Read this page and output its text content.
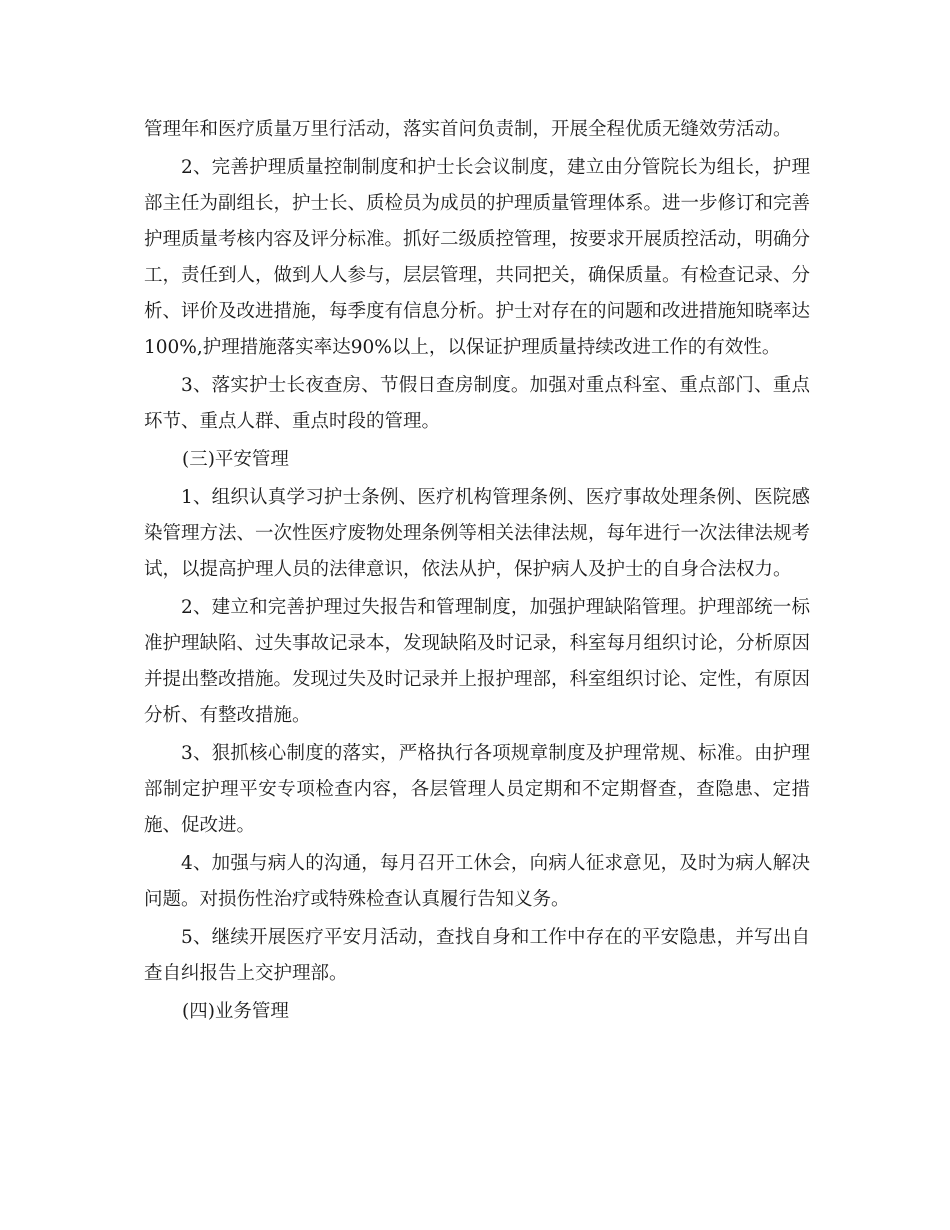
管理年和医疗质量万里行活动，落实首问负责制，开展全程优质无缝效劳活动。

2、完善护理质量控制制度和护士长会议制度，建立由分管院长为组长，护理部主任为副组长，护士长、质检员为成员的护理质量管理体系。进一步修订和完善护理质量考核内容及评分标准。抓好二级质控管理，按要求开展质控活动，明确分工，责任到人，做到人人参与，层层管理，共同把关，确保质量。有检查记录、分析、评价及改进措施，每季度有信息分析。护士对存在的问题和改进措施知晓率达100%,护理措施落实率达90%以上，以保证护理质量持续改进工作的有效性。

3、落实护士长夜查房、节假日查房制度。加强对重点科室、重点部门、重点环节、重点人群、重点时段的管理。

(三)平安管理

1、组织认真学习护士条例、医疗机构管理条例、医疗事故处理条例、医院感染管理方法、一次性医疗废物处理条例等相关法律法规，每年进行一次法律法规考试，以提高护理人员的法律意识，依法从护，保护病人及护士的自身合法权力。

2、建立和完善护理过失报告和管理制度，加强护理缺陷管理。护理部统一标准护理缺陷、过失事故记录本，发现缺陷及时记录，科室每月组织讨论，分析原因并提出整改措施。发现过失及时记录并上报护理部，科室组织讨论、定性，有原因分析、有整改措施。

3、狠抓核心制度的落实，严格执行各项规章制度及护理常规、标准。由护理部制定护理平安专项检查内容，各层管理人员定期和不定期督查，查隐患、定措施、促改进。

4、加强与病人的沟通，每月召开工休会，向病人征求意见，及时为病人解决问题。对损伤性治疗或特殊检查认真履行告知义务。

5、继续开展医疗平安月活动，查找自身和工作中存在的平安隐患，并写出自查自纠报告上交护理部。

(四)业务管理
